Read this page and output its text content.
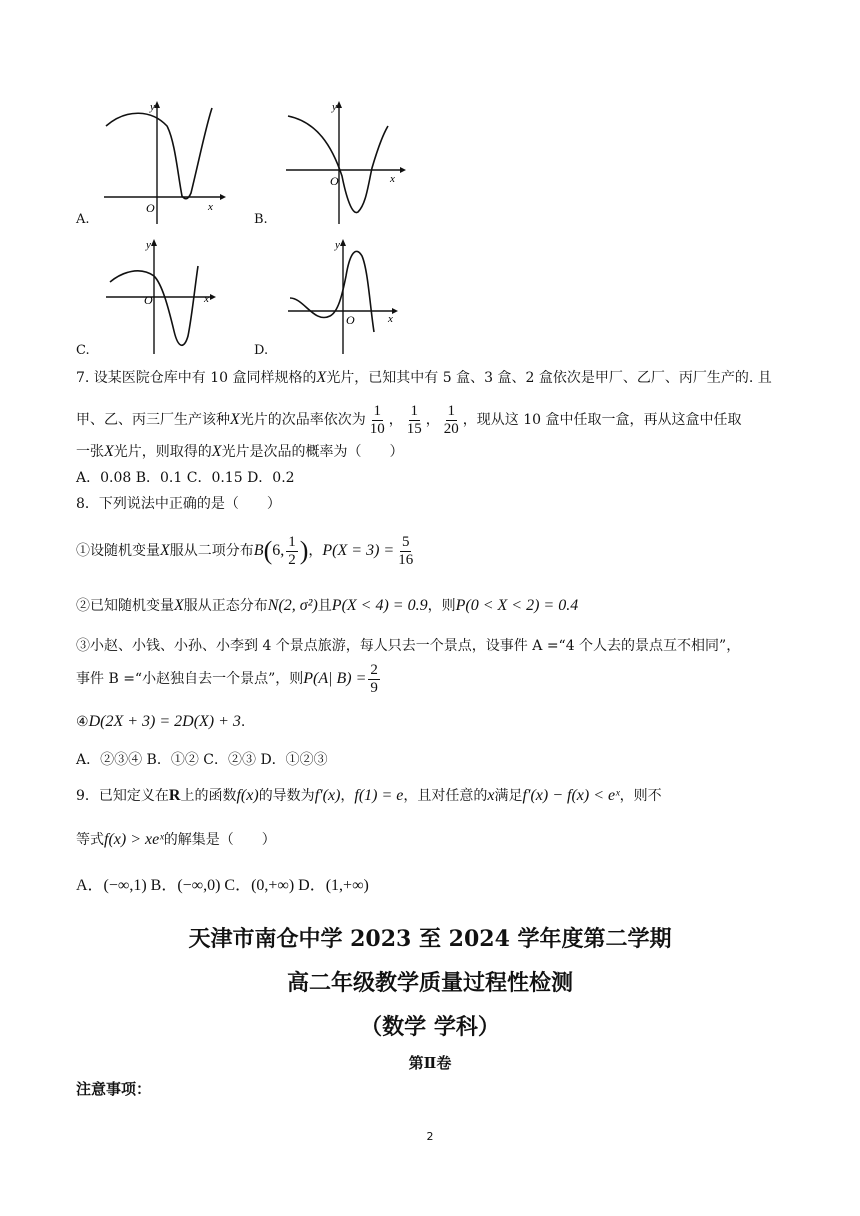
y
x
O
A.
y
x
O
B.
y
x
O
C.
y
x
O
D.
7. 设某医院仓库中有 10 盒同样规格的X光片，已知其中有 5 盒、3 盒、2 盒依次是甲厂、乙厂、丙厂生产的. 且
甲、乙、丙三厂生产该种X光片的次品率依次为 $\frac{1}{10}$ ， $\frac{1}{15}$ ， $\frac{1}{20}$ ，现从这 10 盒中任取一盒，再从这盒中任取
一张X光片，则取得的X光片是次品的概率为（　　）
A．0.08 B．0.1 C．0.15 D．0.2
8．下列说法中正确的是（　　）
①设随机变量X服从二项分布B(6, $\frac{1}{2}$ )，$P(X = 3) = \frac{5}{16}$
②已知随机变量X服从正态分布N(2, σ²)且P(X < 4) = 0.9，则P(0 < X < 2) = 0.4
③小赵、小钱、小孙、小李到 4 个景点旅游，每人只去一个景点，设事件 A =“4 个人去的景点互不相同”，
事件 B =“小赵独自去一个景点”，则P(A| $B) = \frac{2}{9}$
④D(2X + 3) = 2D(X) + 3.
A．②③④ B．①② C．②③ D．①②③
9．已知定义在R上的函数f(x)的导数为f′(x)，f(1) = e，且对任意的x满足f′(x) − f(x) < eˣ，则不
等式f(x) > xeˣ的解集是（　　）
A．(−∞,1) B．(−∞,0) C．(0,+∞) D．(1,+∞)
天津市南仓中学 2023 至 2024 学年度第二学期
高二年级教学质量过程性检测
（数学 学科）
第Ⅱ卷
注意事项：
2
